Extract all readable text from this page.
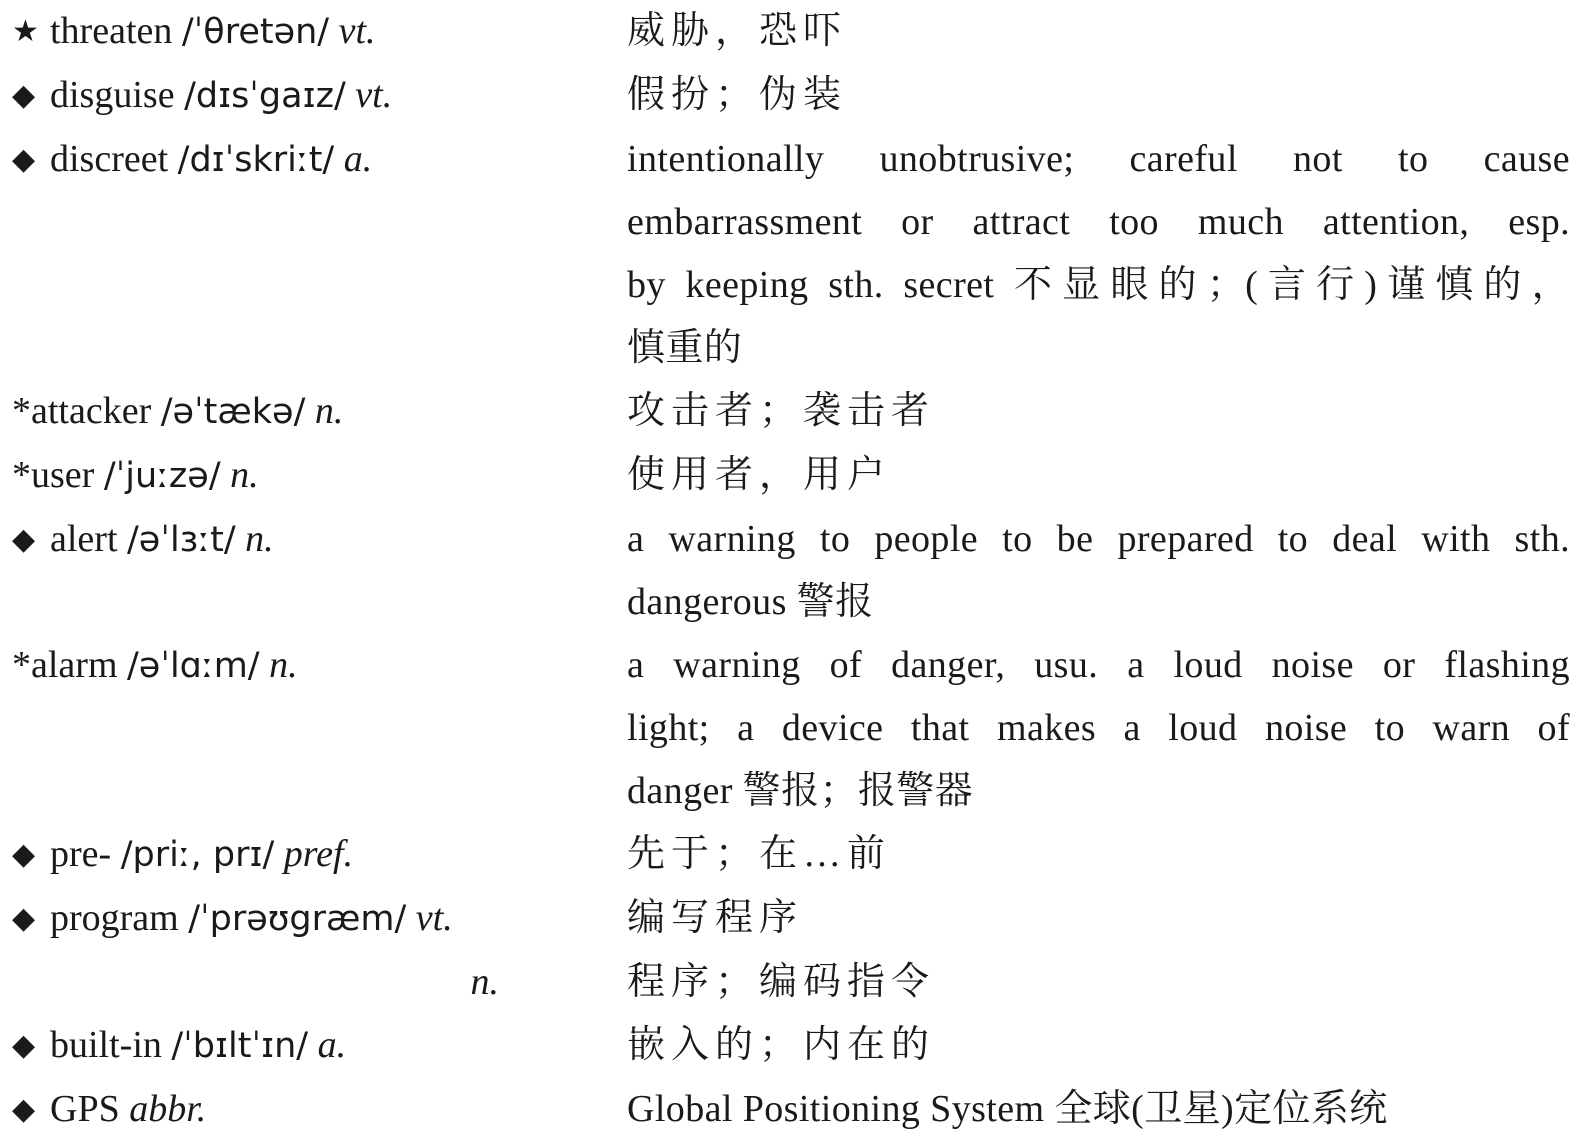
★ threaten /ˈθretən/ vt.	威胁，恐吓
◆ disguise /dɪsˈgaɪz/ vt.	假扮；伪装
◆ discreet /dɪˈskriːt/ a.	intentionally unobtrusive; careful not to cause
embarrassment or attract too much attention, esp.
by keeping sth. secret 不显眼的；(言行)谨慎的，
慎重的
*attacker /əˈtækə/ n.	攻击者；袭击者
*user /ˈjuːzə/ n.	使用者，用户
◆ alert /əˈlɜːt/ n.	a warning to people to be prepared to deal with sth.
dangerous 警报
*alarm /əˈlɑːm/ n.	a warning of danger, usu. a loud noise or flashing
light; a device that makes a loud noise to warn of
danger 警报；报警器
◆ pre- /priː, prɪ/ pref.	先于；在…前
◆ program /ˈprəʊgræm/ vt.	编写程序
n.	程序；编码指令
◆ built-in /ˈbɪltˈɪn/ a.	嵌入的；内在的
◆ GPS abbr.	Global Positioning System 全球(卫星)定位系统
